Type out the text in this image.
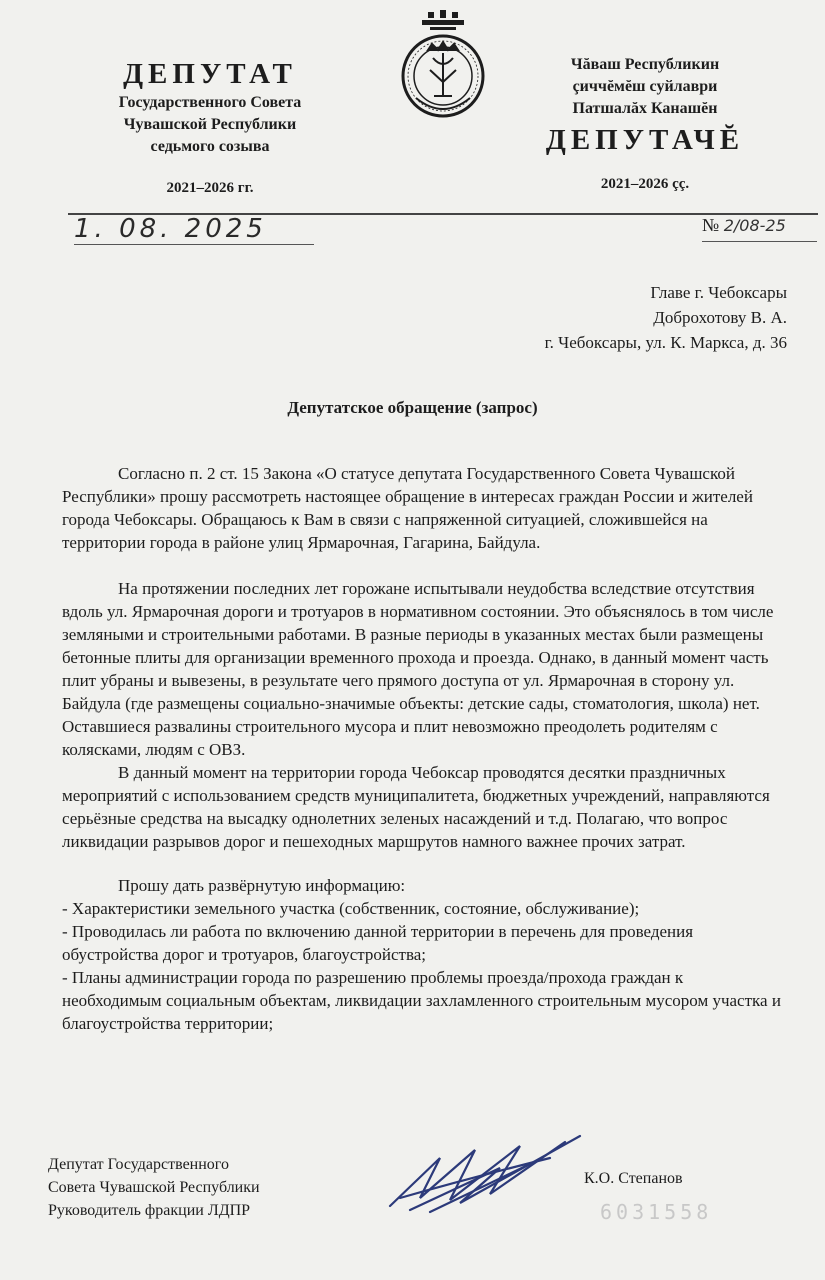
ДЕПУТАТ
Государственного Совета
Чувашской Республики
седьмого созыва
2021–2026 гг.
Чăваш Республикин
çиччĕмĕш суйлаври
Патшалăх Канашĕн
ДЕПУТАЧĔ
2021–2026 çç.
1. 08. 2025	№ 2/08-25
Главе г. Чебоксары
Доброхотову В. А.
г. Чебоксары, ул. К. Маркса, д. 36
Депутатское обращение (запрос)

Согласно п. 2 ст. 15 Закона «О статусе депутата Государственного Совета Чувашской Республики» прошу рассмотреть настоящее обращение в интересах граждан России и жителей города Чебоксары. Обращаюсь к Вам в связи с напряженной ситуацией, сложившейся на территории города в районе улиц Ярмарочная, Гагарина, Байдула.

На протяжении последних лет горожане испытывали неудобства вследствие отсутствия вдоль ул. Ярмарочная дороги и тротуаров в нормативном состоянии. Это объяснялось в том числе земляными и строительными работами. В разные периоды в указанных местах были размещены бетонные плиты для организации временного прохода и проезда. Однако, в данный момент часть плит убраны и вывезены, в результате чего прямого доступа от ул. Ярмарочная в сторону ул. Байдула (где размещены социально-значимые объекты: детские сады, стоматология, школа) нет. Оставшиеся развалины строительного мусора и плит невозможно преодолеть родителям с колясками, людям с ОВЗ.

В данный момент на территории города Чебоксар проводятся десятки праздничных мероприятий с использованием средств муниципалитета, бюджетных учреждений, направляются серьёзные средства на высадку однолетних зеленых насаждений и т.д. Полагаю, что вопрос ликвидации разрывов дорог и пешеходных маршрутов намного важнее прочих затрат.

Прошу дать развёрнутую информацию:

- Характеристики земельного участка (собственник, состояние, обслуживание);

- Проводилась ли работа по включению данной территории в перечень для проведения обустройства дорог и тротуаров, благоустройства;

- Планы администрации города по разрешению проблемы проезда/прохода граждан к необходимым социальным объектам, ликвидации захламленного строительным мусором участка и благоустройства территории;

Депутат Государственного
Совета Чувашской Республики
Руководитель фракции ЛДПР
К.О. Степанов
6031558
